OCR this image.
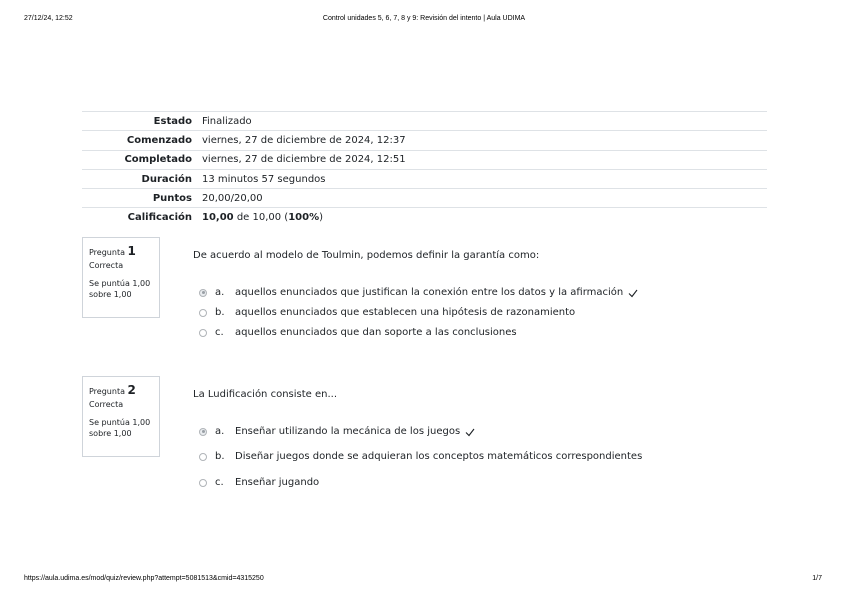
27/12/24, 12:52	Control unidades 5, 6, 7, 8 y 9: Revisión del intento | Aula UDIMA
Estado	Finalizado
Comenzado	viernes, 27 de diciembre de 2024, 12:37
Completado	viernes, 27 de diciembre de 2024, 12:51
Duración	13 minutos 57 segundos
Puntos	20,00/20,00
Calificación	10,00 de 10,00 (100%)

Pregunta 1

Correcta
Se puntúa 1,00 sobre 1,00
De acuerdo al modelo de Toulmin, podemos definir la garantía como:
a.	aquellos enunciados que justifican la conexión entre los datos y la afirmación
b.	aquellos enunciados que establecen una hipótesis de razonamiento
c.	aquellos enunciados que dan soporte a las conclusiones

Pregunta 2

Correcta
Se puntúa 1,00 sobre 1,00
La Ludificación consiste en...
a.	Enseñar utilizando la mecánica de los juegos
b.	Diseñar juegos donde se adquieran los conceptos matemáticos correspondientes
c.	Enseñar jugando
https://aula.udima.es/mod/quiz/review.php?attempt=5081513&cmid=4315250	1/7
